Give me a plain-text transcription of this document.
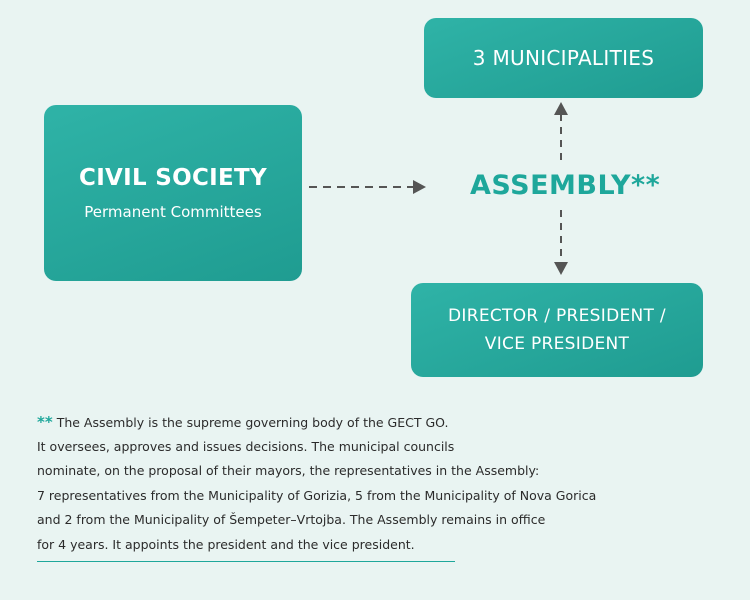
3 MUNICIPALITIES
CIVIL SOCIETY
Permanent Committees
DIRECTOR / PRESIDENT /
VICE PRESIDENT
ASSEMBLY**
** The Assembly is the supreme governing body of the GECT GO.
It oversees, approves and issues decisions. The municipal councils
nominate, on the proposal of their mayors, the representatives in the Assembly:
7 representatives from the Municipality of Gorizia, 5 from the Municipality of Nova Gorica
and 2 from the Municipality of Šempeter–Vrtojba. The Assembly remains in office
for 4 years. It appoints the president and the vice president.
